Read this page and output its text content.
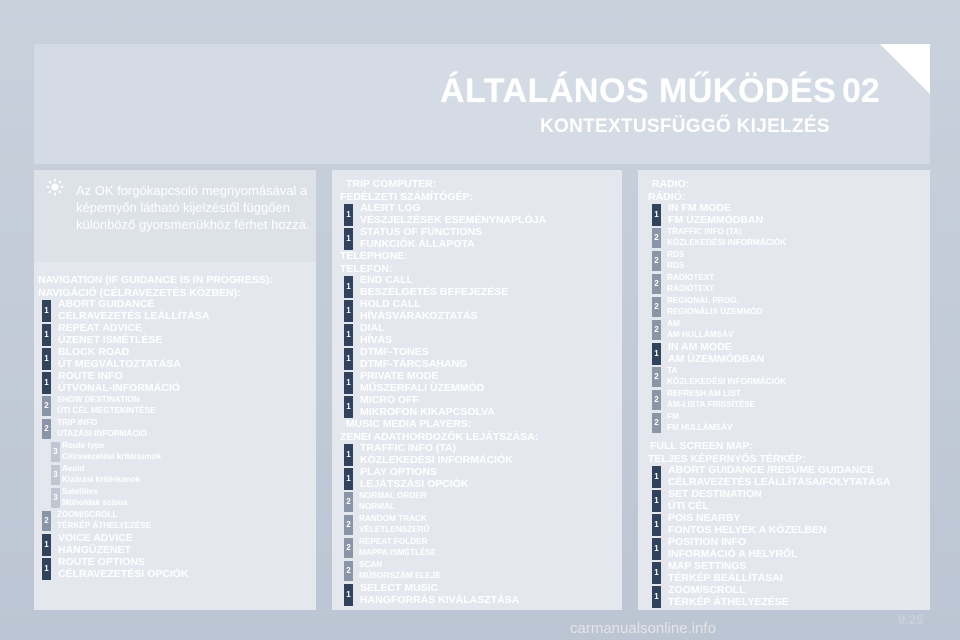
ÁLTALÁNOS MŰKÖDÉS 02
KONTEXTUSFÜGGŐ KIJELZÉS
Az OK forgókapcsoló megnyomásával a képernyőn látható kijelzéstől függően különböző gyorsmenükhöz férhet hozzá.
NAVIGATION (IF GUIDANCE IS IN PROGRESS):
NAVIGÁCIÓ (CÉLRAVEZETÉS KÖZBEN):
1
ABORT GUIDANCE
CÉLRAVEZETÉS LEÁLLÍTÁSA
1
REPEAT ADVICE
ÜZENET ISMÉTLÉSE
1
BLOCK ROAD
ÚT MEGVÁLTOZTATÁSA
1
ROUTE INFO
ÚTVONAL-INFORMÁCIÓ
2
SHOW DESTINATION
ÚTI CÉL MEGTEKINTÉSE
2
TRIP INFO
UTAZÁSI INFORMÁCIÓ
3
Route type
Célravezetési kritériumok
3
Avoid
Kizárási kritériumok
3
Satellites
Műholdak száma
2
ZOOM/SCROLL
TÉRKÉP ÁTHELYEZÉSE
1
VOICE ADVICE
HANGÜZENET
1
ROUTE OPTIONS
CÉLRAVEZETÉSI OPCIÓK
TRIP COMPUTER:
FEDÉLZETI SZÁMÍTÓGÉP:
1
ALERT LOG
VÉSZJELZÉSEK ESEMÉNYNAPLÓJA
1
STATUS OF FUNCTIONS
FUNKCIÓK ÁLLAPOTA
TELEPHONE:
TELEFON:
1
END CALL
BESZÉLGETÉS BEFEJEZÉSE
1
HOLD CALL
HÍVÁSVÁRAKOZTATÁS
1
DIAL
HÍVÁS
1
DTMF-TONES
DTMF-TÁRCSAHANG
1
PRIVATE MODE
MŰSZERFALI ÜZEMMÓD
1
MICRO OFF
MIKROFON KIKAPCSOLVA
MUSIC MEDIA PLAYERS:
ZENEI ADATHORDOZÓK LEJÁTSZÁSA:
1
TRAFFIC INFO (TA)
KÖZLEKEDÉSI INFORMÁCIÓK
1
PLAY OPTIONS
LEJÁTSZÁSI OPCIÓK
2
NORMAL ORDER
NORMÁL
2
RANDOM TRACK
VÉLETLENSZERŰ
2
REPEAT FOLDER
MAPPA ISMÉTLÉSE
2
SCAN
MŰSORSZÁM ELEJE
1
SELECT MUSIC
HANGFORRÁS KIVÁLASZTÁSA
RADIO:
RÁDIÓ:
1
IN FM MODE
FM ÜZEMMÓDBAN
2
TRAFFIC INFO (TA)
KÖZLEKEDÉSI INFORMÁCIÓK
2
RDS
RDS
2
RADIOTEXT
RÁDIÓTEXT
2
REGIONAL PROG.
REGIONÁLIS ÜZEMMÓD
2
AM
AM HULLÁMSÁV
1
IN AM MODE
AM ÜZEMMÓDBAN
2
TA
KÖZLEKEDÉSI INFORMÁCIÓK
2
REFRESH AM LIST
AM-LISTA FRISSÍTÉSE
2
FM
FM HULLÁMSÁV
FULL SCREEN MAP:
TELJES KÉPERNYŐS TÉRKÉP:
1
ABORT GUIDANCE /RESUME GUIDANCE
CÉLRAVEZETÉS LEÁLLÍTÁSA/FOLYTATÁSA
1
SET DESTINATION
ÚTI CÉL
1
POIS NEARBY
FONTOS HELYEK A KÖZELBEN
1
POSITION INFO
INFORMÁCIÓ A HELYRŐL
1
MAP SETTINGS
TÉRKÉP BEÁLLÍTÁSAI
1
ZOOM/SCROLL
TÉRKÉP ÁTHELYEZÉSE
9.25
carmanualsonline.info
